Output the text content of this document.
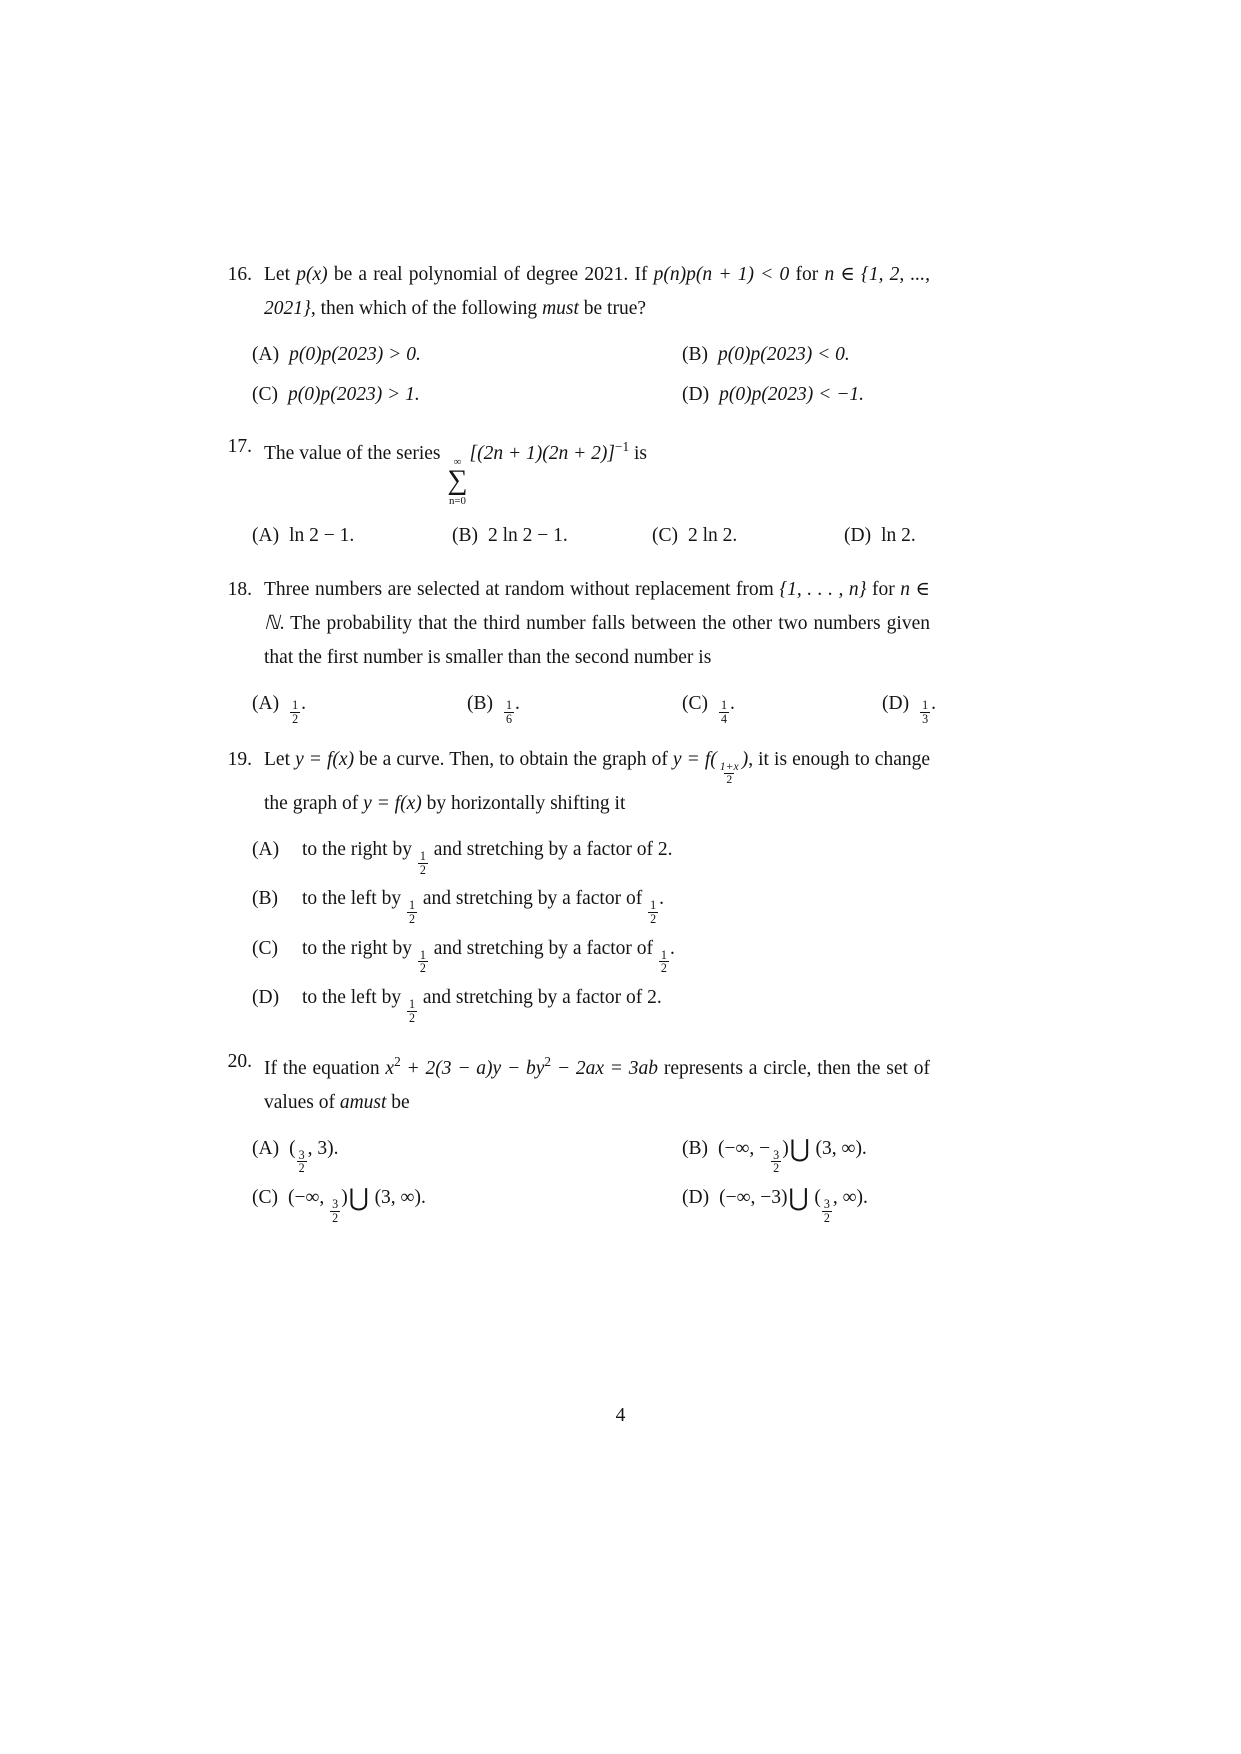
16. Let p(x) be a real polynomial of degree 2021. If p(n)p(n + 1) < 0 for n ∈ {1, 2, ..., 2021}, then which of the following must be true?
(A) p(0)p(2023) > 0.	(B) p(0)p(2023) < 0.
(C) p(0)p(2023) > 1.	(D) p(0)p(2023) < −1.
17. The value of the series ∞
∑
n=0
$[(2n + 1)(2n + 2)]^{-1}$ is
(A) ln 2 − 1.	(B) 2 ln 2 − 1.	(C) 2 ln 2.	(D) ln 2.
18. Three numbers are selected at random without replacement from {1, . . . , n} for n ∈ ℕ. The probability that the third number falls between the other two numbers given that the first number is smaller than the second number is
$(A) \frac{1}{2}$ .	$(B) \frac{1}{6}$ .	$(C) \frac{1}{4}$ .	$(D) \frac{1}{3}$ .
19. Let y = f(x) be a curve. Then, to obtain the graph of y = f(
$\frac{1+x}{2}$
), it is enough to change the graph of y = f(x) by horizontally shifting it
(A)	to the right by
$\frac{1}{2}$
and stretching by a factor of 2.
(B)	to the left by
$\frac{1}{2}$
and stretching by a factor of
$\frac{1}{2}$
.
(C)	to the right by
$\frac{1}{2}$
and stretching by a factor of
$\frac{1}{2}$
.
(D)	to the left by
$\frac{1}{2}$
and stretching by a factor of 2.
20. If the equation $x^2 + 2(3 - a)y - by^2 - 2ax = 3ab$ represents a circle, then the set of values of amust be
(A) (
$\frac{3}{2}$
, 3).	(B) (−∞, −
$\frac{3}{2}$
)⋃ (3, ∞).
(C) (−∞,
$\frac{3}{2}$
)⋃ (3, ∞).	(D) (−∞, −3)⋃ (
$\frac{3}{2}$
, ∞).
4
